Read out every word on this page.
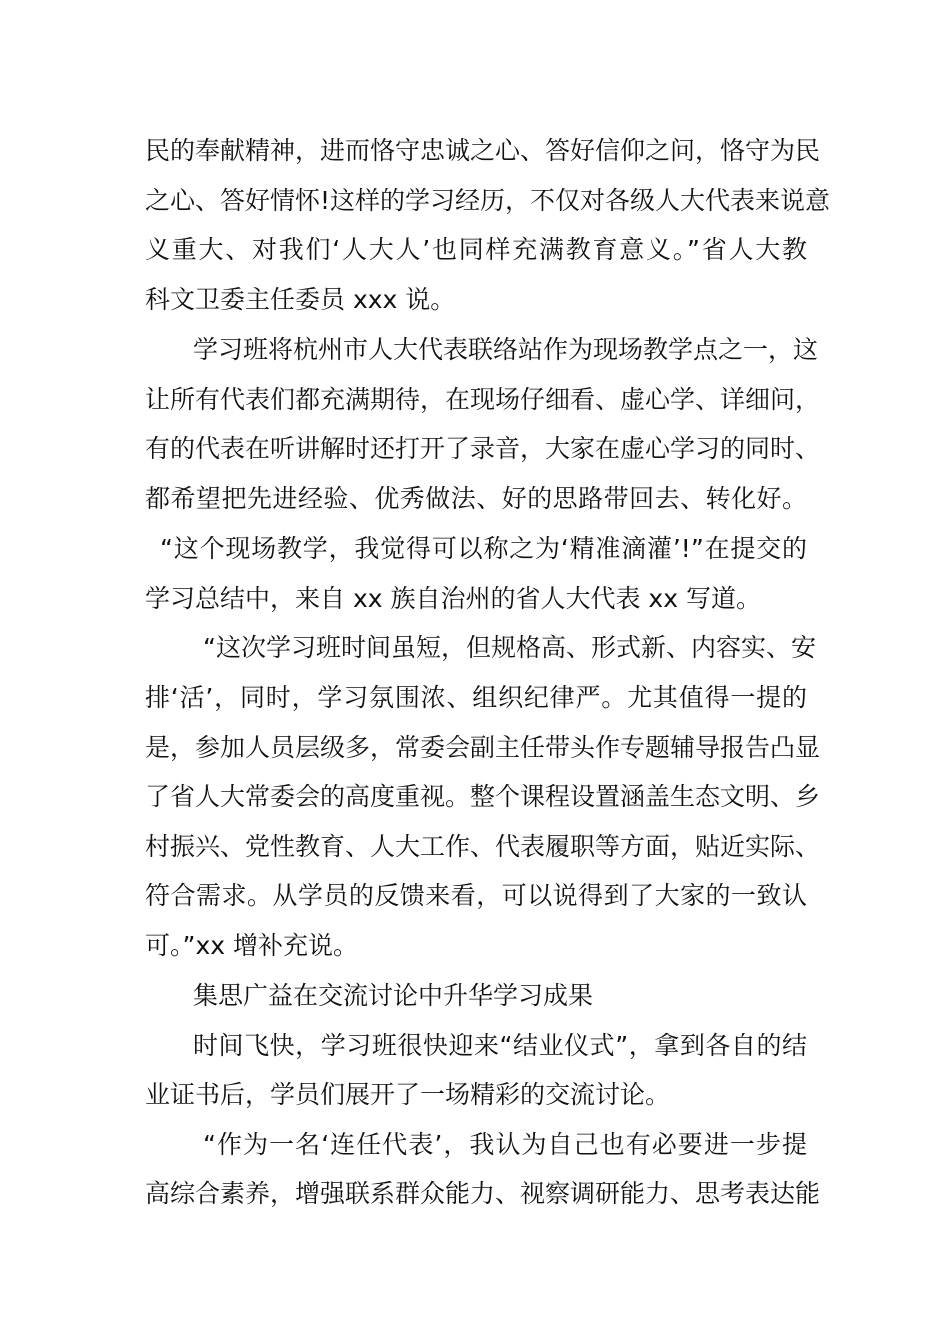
民的奉献精神，进而恪守忠诚之心、答好信仰之问，恪守为民
之心、答好情怀!这样的学习经历，不仅对各级人大代表来说意
义重大、对我们‘人大人’也同样充满教育意义。”省人大教
科文卫委主任委员 xxx 说。
学习班将杭州市人大代表联络站作为现场教学点之一，这
让所有代表们都充满期待，在现场仔细看、虚心学、详细问，
有的代表在听讲解时还打开了录音，大家在虚心学习的同时、
都希望把先进经验、优秀做法、好的思路带回去、转化好。
“这个现场教学，我觉得可以称之为‘精准滴灌’!”在提交的
学习总结中，来自 xx 族自治州的省人大代表 xx 写道。
“这次学习班时间虽短，但规格高、形式新、内容实、安
排‘活’，同时，学习氛围浓、组织纪律严。尤其值得一提的
是，参加人员层级多，常委会副主任带头作专题辅导报告凸显
了省人大常委会的高度重视。整个课程设置涵盖生态文明、乡
村振兴、党性教育、人大工作、代表履职等方面，贴近实际、
符合需求。从学员的反馈来看，可以说得到了大家的一致认
可。”xx 增补充说。
集思广益在交流讨论中升华学习成果
时间飞快，学习班很快迎来“结业仪式”，拿到各自的结
业证书后，学员们展开了一场精彩的交流讨论。
“作为一名‘连任代表’，我认为自己也有必要进一步提
高综合素养，增强联系群众能力、视察调研能力、思考表达能
